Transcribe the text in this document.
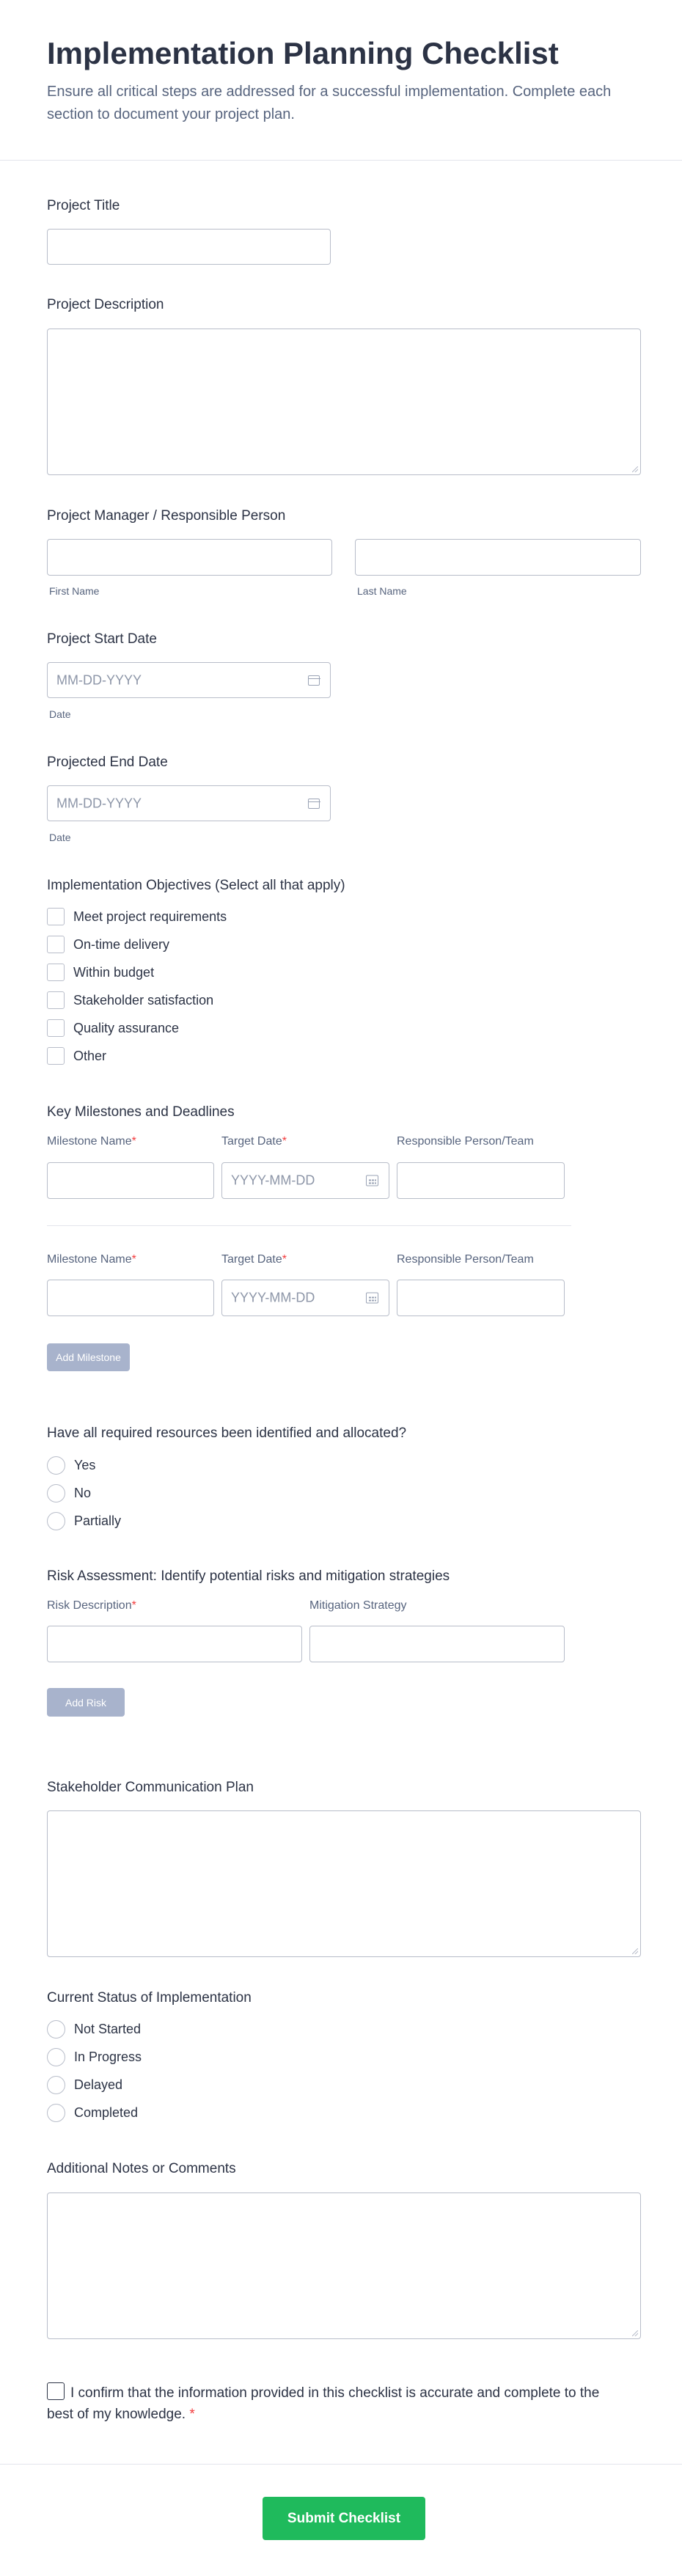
Implementation Planning Checklist

Ensure all critical steps are addressed for a successful implementation. Complete each section to document your project plan.

Project Title
Project Description
Project Manager / Responsible Person
First Name	Last Name
Project Start Date
MM-DD-YYYY
Date
Projected End Date
MM-DD-YYYY
Date
Implementation Objectives (Select all that apply)
Meet project requirements
On-time delivery
Within budget
Stakeholder satisfaction
Quality assurance
Other
Key Milestones and Deadlines
Milestone Name*	Target Date*	Responsible Person/Team
YYYY-MM-DD
Milestone Name*	Target Date*	Responsible Person/Team
YYYY-MM-DD
Add Milestone
Have all required resources been identified and allocated?
Yes
No
Partially
Risk Assessment: Identify potential risks and mitigation strategies
Risk Description*	Mitigation Strategy
Add Risk
Stakeholder Communication Plan
Current Status of Implementation
Not Started
In Progress
Delayed
Completed
Additional Notes or Comments
I confirm that the information provided in this checklist is accurate and complete to the best of my knowledge. *
Submit Checklist
